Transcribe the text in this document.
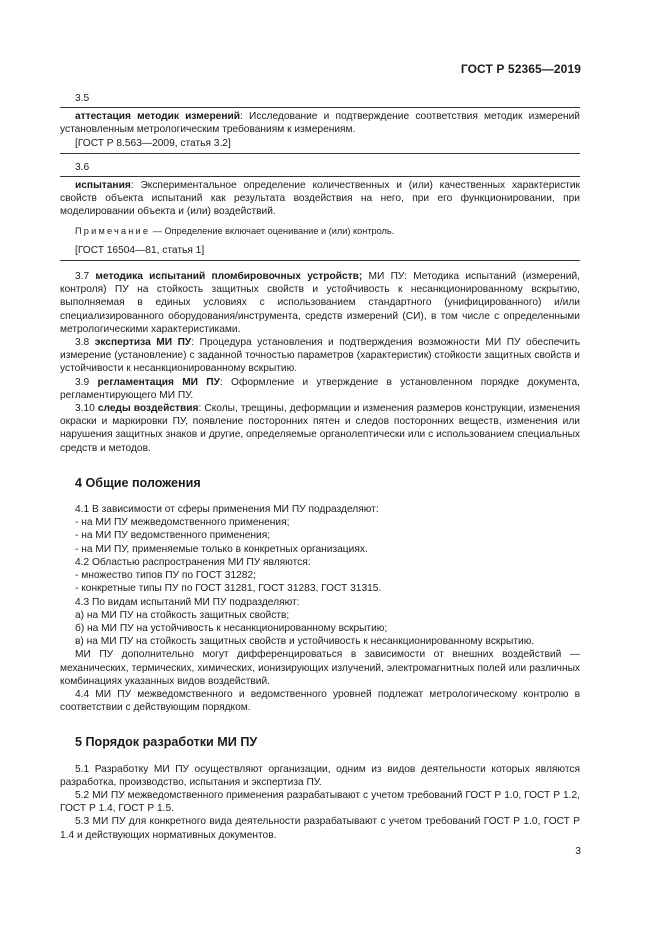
ГОСТ Р 52365—2019
3.5

аттестация методик измерений: Исследование и подтверждение соответствия методик измерений установленным метрологическим требованиям к измерениям.

[ГОСТ Р 8.563—2009, статья 3.2]

3.6

испытания: Экспериментальное определение количественных и (или) качественных характеристик свойств объекта испытаний как результата воздействия на него, при его функционировании, при моделировании объекта и (или) воздействий.

Примечание — Определение включает оценивание и (или) контроль.

[ГОСТ 16504—81, статья 1]

3.7 методика испытаний пломбировочных устройств; МИ ПУ: Методика испытаний (измерений, контроля) ПУ на стойкость защитных свойств и устойчивость к несанкционированному вскрытию, выполняемая в единых условиях с использованием стандартного (унифицированного) и/или специализированного оборудования/инструмента, средств измерений (СИ), в том числе с определенными метрологическими характеристиками.

3.8 экспертиза МИ ПУ: Процедура установления и подтверждения возможности МИ ПУ обеспечить измерение (установление) с заданной точностью параметров (характеристик) стойкости защитных свойств и устойчивости к несанкционированному вскрытию.

3.9 регламентация МИ ПУ: Оформление и утверждение в установленном порядке документа, регламентирующего МИ ПУ.

3.10 следы воздействия: Сколы, трещины, деформации и изменения размеров конструкции, изменения окраски и маркировки ПУ, появление посторонних пятен и следов посторонних веществ, изменения или нарушения защитных знаков и другие, определяемые органолептически или с использованием специальных средств и методов.

4 Общие положения

4.1 В зависимости от сферы применения МИ ПУ подразделяют:

- на МИ ПУ межведомственного применения;

- на МИ ПУ ведомственного применения;

- на МИ ПУ, применяемые только в конкретных организациях.

4.2 Областью распространения МИ ПУ являются:

- множество типов ПУ по ГОСТ 31282;

- конкретные типы ПУ по ГОСТ 31281, ГОСТ 31283, ГОСТ 31315.

4.3 По видам испытаний МИ ПУ подразделяют:

а) на МИ ПУ на стойкость защитных свойств;

б) на МИ ПУ на устойчивость к несанкционированному вскрытию;

в) на МИ ПУ на стойкость защитных свойств и устойчивость к несанкционированному вскрытию.

МИ ПУ дополнительно могут дифференцироваться в зависимости от внешних воздействий — механических, термических, химических, ионизирующих излучений, электромагнитных полей или различных комбинациях указанных видов воздействий.

4.4 МИ ПУ межведомственного и ведомственного уровней подлежат метрологическому контролю в соответствии с действующим порядком.

5 Порядок разработки МИ ПУ

5.1 Разработку МИ ПУ осуществляют организации, одним из видов деятельности которых являются разработка, производство, испытания и экспертиза ПУ.

5.2 МИ ПУ межведомственного применения разрабатывают с учетом требований ГОСТ Р 1.0, ГОСТ Р 1.2, ГОСТ Р 1.4, ГОСТ Р 1.5.

5.3 МИ ПУ для конкретного вида деятельности разрабатывают с учетом требований ГОСТ Р 1.0, ГОСТ Р 1.4 и действующих нормативных документов.

3
